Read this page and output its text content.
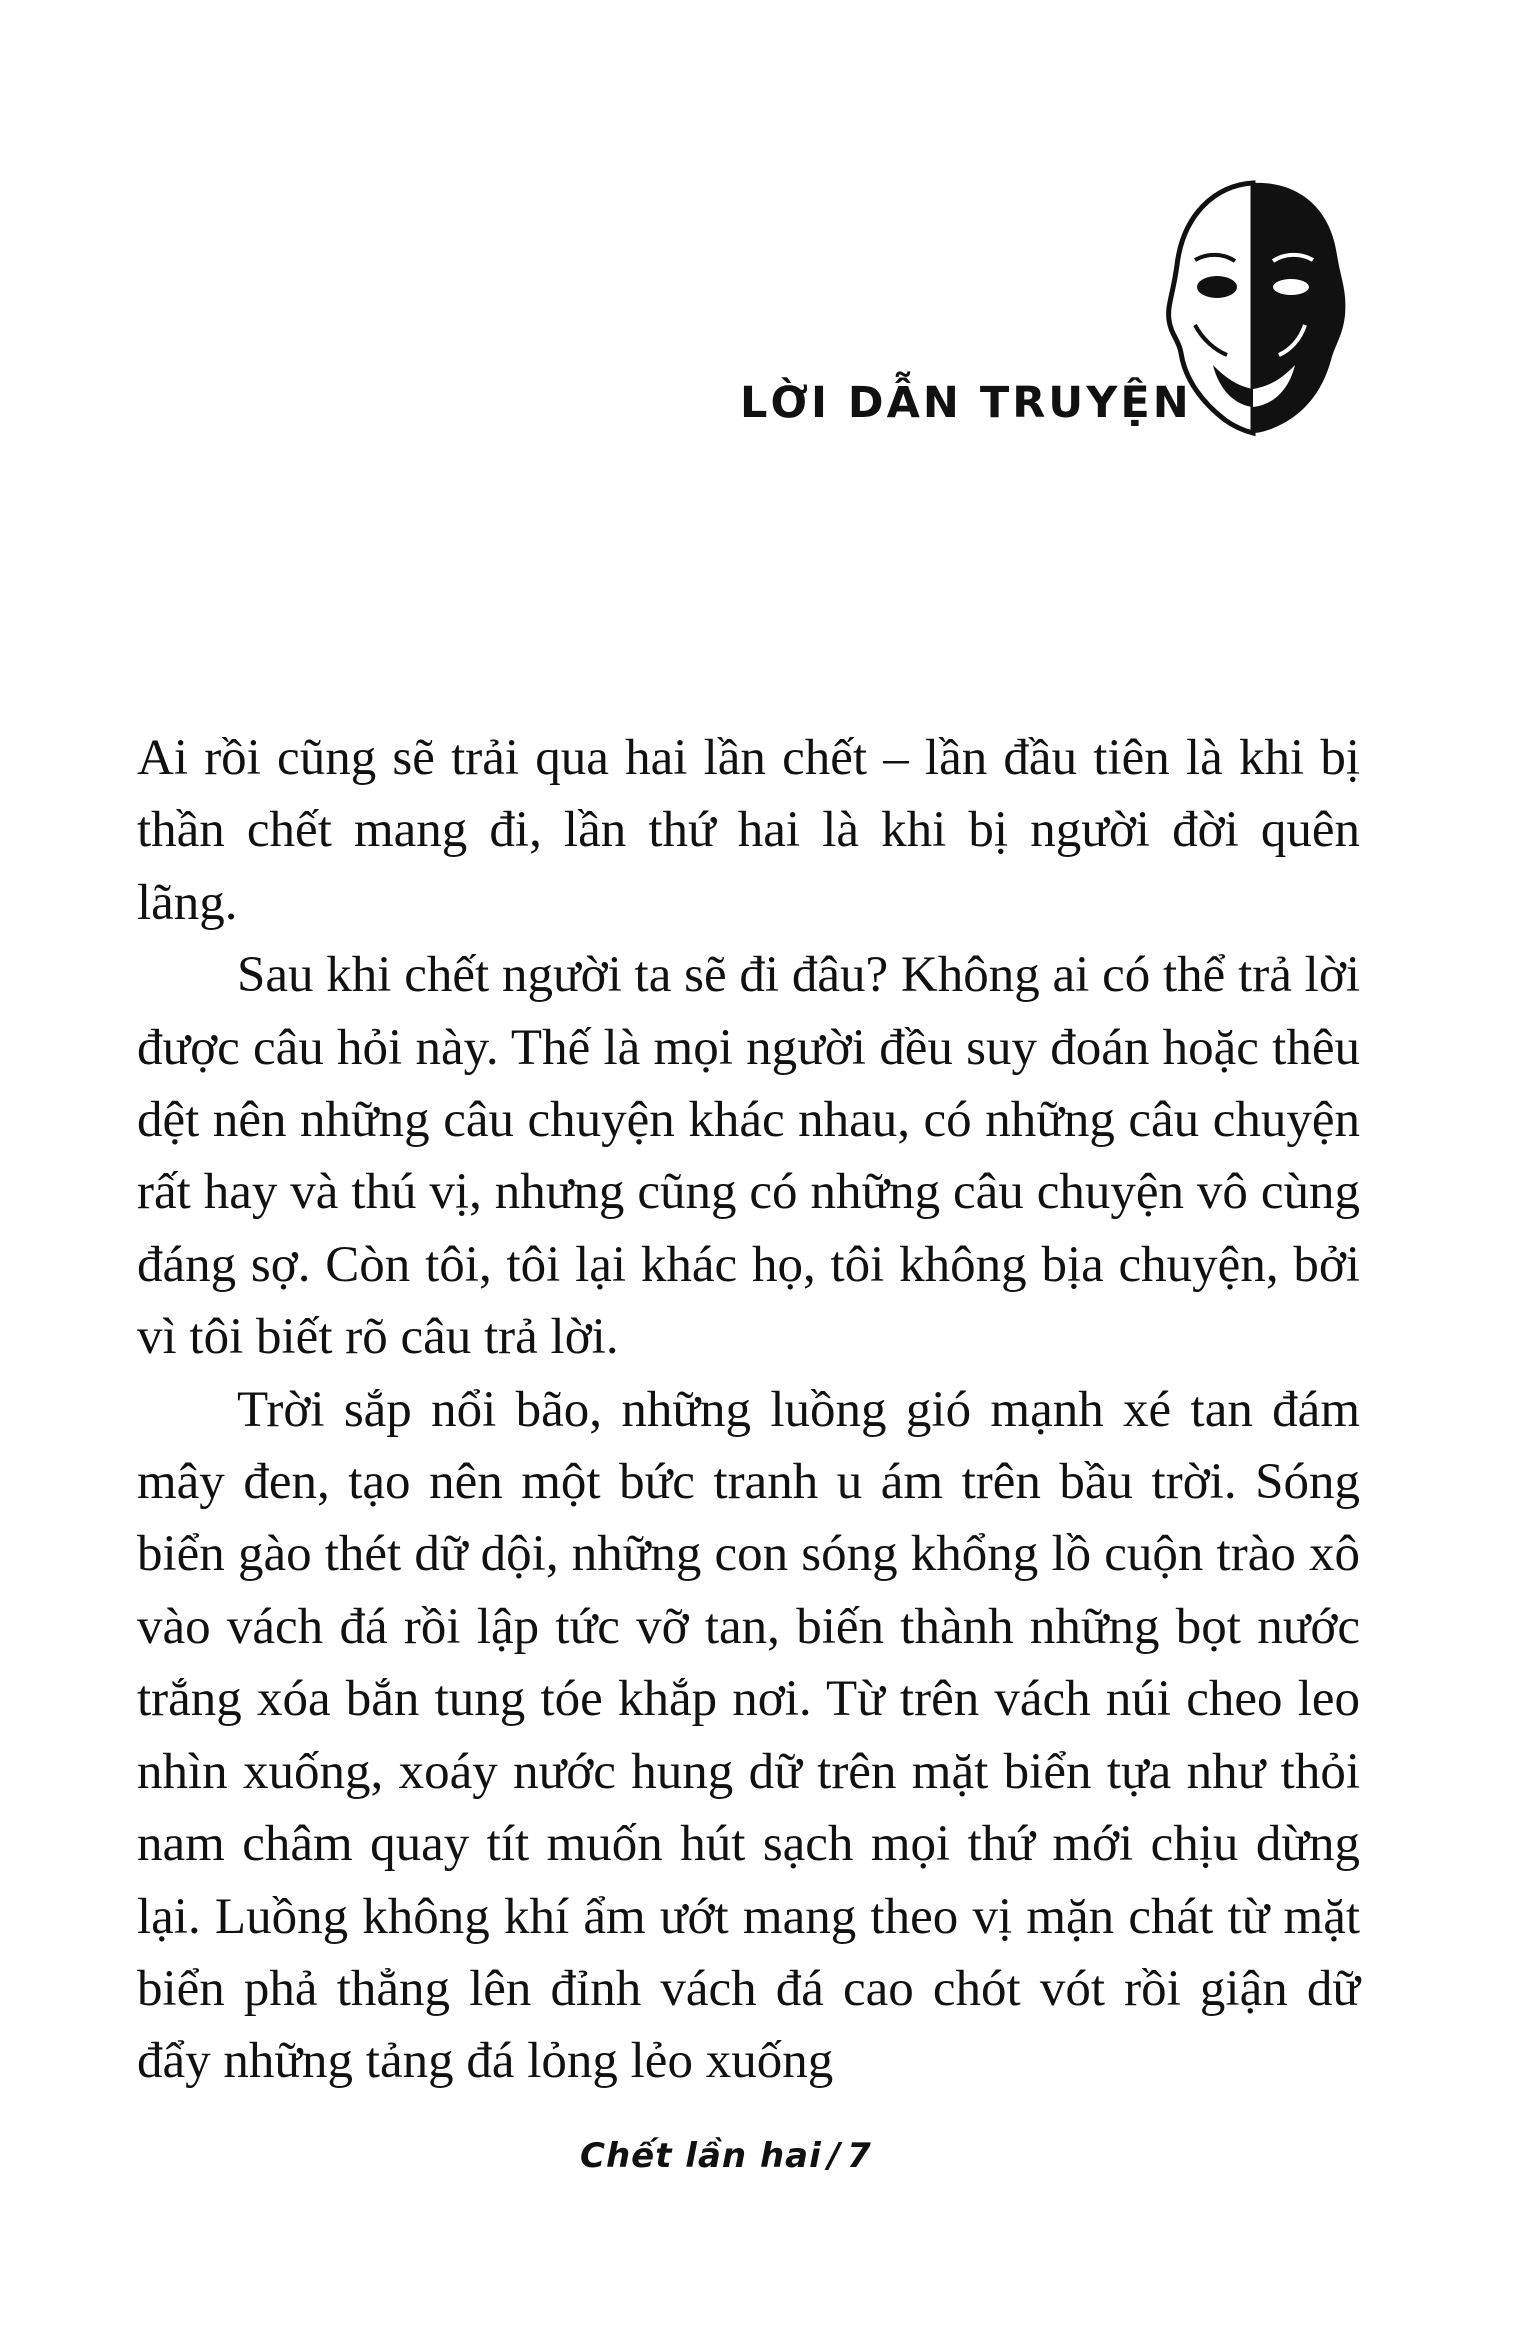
LỜI DẪN TRUYỆN

Ai rồi cũng sẽ trải qua hai lần chết – lần đầu tiên là khi bị thần chết mang đi, lần thứ hai là khi bị người đời quên lãng.

Sau khi chết người ta sẽ đi đâu? Không ai có thể trả lời được câu hỏi này. Thế là mọi người đều suy đoán hoặc thêu dệt nên những câu chuyện khác nhau, có những câu chuyện rất hay và thú vị, nhưng cũng có những câu chuyện vô cùng đáng sợ. Còn tôi, tôi lại khác họ, tôi không bịa chuyện, bởi vì tôi biết rõ câu trả lời.

Trời sắp nổi bão, những luồng gió mạnh xé tan đám mây đen, tạo nên một bức tranh u ám trên bầu trời. Sóng biển gào thét dữ dội, những con sóng khổng lồ cuộn trào xô vào vách đá rồi lập tức vỡ tan, biến thành những bọt nước trắng xóa bắn tung tóe khắp nơi. Từ trên vách núi cheo leo nhìn xuống, xoáy nước hung dữ trên mặt biển tựa như thỏi nam châm quay tít muốn hút sạch mọi thứ mới chịu dừng lại. Luồng không khí ẩm ướt mang theo vị mặn chát từ mặt biển phả thẳng lên đỉnh vách đá cao chót vót rồi giận dữ đẩy những tảng đá lỏng lẻo xuống

Chết lần hai / 7
